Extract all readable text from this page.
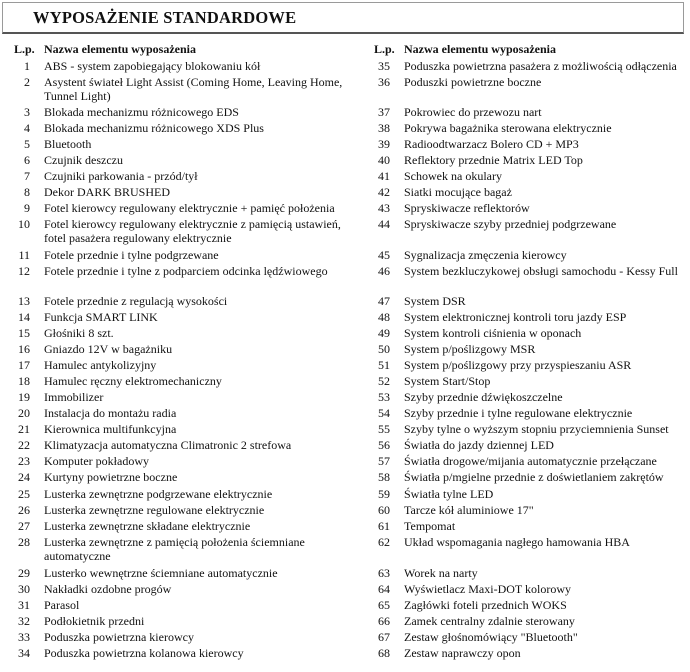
WYPOSAŻENIE STANDARDOWE
L.p. Nazwa elementu wyposażenia	L.p. Nazwa elementu wyposażenia
1 ABS - system zapobiegający blokowaniu kół
2 Asystent świateł Light Assist (Coming Home, Leaving Home, Tunnel Light)
3 Blokada mechanizmu różnicowego EDS
4 Blokada mechanizmu różnicowego XDS Plus
5 Bluetooth
6 Czujnik deszczu
7 Czujniki parkowania - przód/tył
8 Dekor DARK BRUSHED
9 Fotel kierowcy regulowany elektrycznie + pamięć położenia
10 Fotel kierowcy regulowany elektrycznie z pamięcią ustawień, fotel pasażera regulowany elektrycznie
11 Fotele przednie i tylne podgrzewane
12 Fotele przednie i tylne z podparciem odcinka lędźwiowego
13 Fotele przednie z regulacją wysokości
14 Funkcja SMART LINK
15 Głośniki 8 szt.
16 Gniazdo 12V w bagażniku
17 Hamulec antykolizyjny
18 Hamulec ręczny elektromechaniczny
19 Immobilizer
20 Instalacja do montażu radia
21 Kierownica multifunkcyjna
22 Klimatyzacja automatyczna Climatronic 2 strefowa
23 Komputer pokładowy
24 Kurtyny powietrzne boczne
25 Lusterka zewnętrzne podgrzewane elektrycznie
26 Lusterka zewnętrzne regulowane elektrycznie
27 Lusterka zewnętrzne składane elektrycznie
28 Lusterka zewnętrzne z pamięcią położenia ściemniane automatyczne
29 Lusterko wewnętrzne ściemniane automatycznie
30 Nakładki ozdobne progów
31 Parasol
32 Podłokietnik przedni
33 Poduszka powietrzna kierowcy
34 Poduszka powietrzna kolanowa kierowcy
35 Poduszka powietrzna pasażera z możliwością odłączenia
36 Poduszki powietrzne boczne
37 Pokrowiec do przewozu nart
38 Pokrywa bagażnika sterowana elektrycznie
39 Radioodtwarzacz Bolero CD + MP3
40 Reflektory przednie Matrix LED Top
41 Schowek na okulary
42 Siatki mocujące bagaż
43 Spryskiwacze reflektorów
44 Spryskiwacze szyby przedniej podgrzewane
45 Sygnalizacja zmęczenia kierowcy
46 System bezkluczykowej obsługi samochodu - Kessy Full
47 System DSR
48 System elektronicznej kontroli toru jazdy ESP
49 System kontroli ciśnienia w oponach
50 System p/poślizgowy MSR
51 System p/poślizgowy przy przyspieszaniu ASR
52 System Start/Stop
53 Szyby przednie dźwiękoszczelne
54 Szyby przednie i tylne regulowane elektrycznie
55 Szyby tylne o wyższym stopniu przyciemnienia Sunset
56 Światła do jazdy dziennej LED
57 Światła drogowe/mijania automatycznie przełączane
58 Światła p/mgielne przednie z doświetlaniem zakrętów
59 Światła tylne LED
60 Tarcze kół aluminiowe 17"
61 Tempomat
62 Układ wspomagania nagłego hamowania HBA
63 Worek na narty
64 Wyświetlacz Maxi-DOT kolorowy
65 Zagłówki foteli przednich WOKS
66 Zamek centralny zdalnie sterowany
67 Zestaw głośnomówiący "Bluetooth"
68 Zestaw naprawczy opon
